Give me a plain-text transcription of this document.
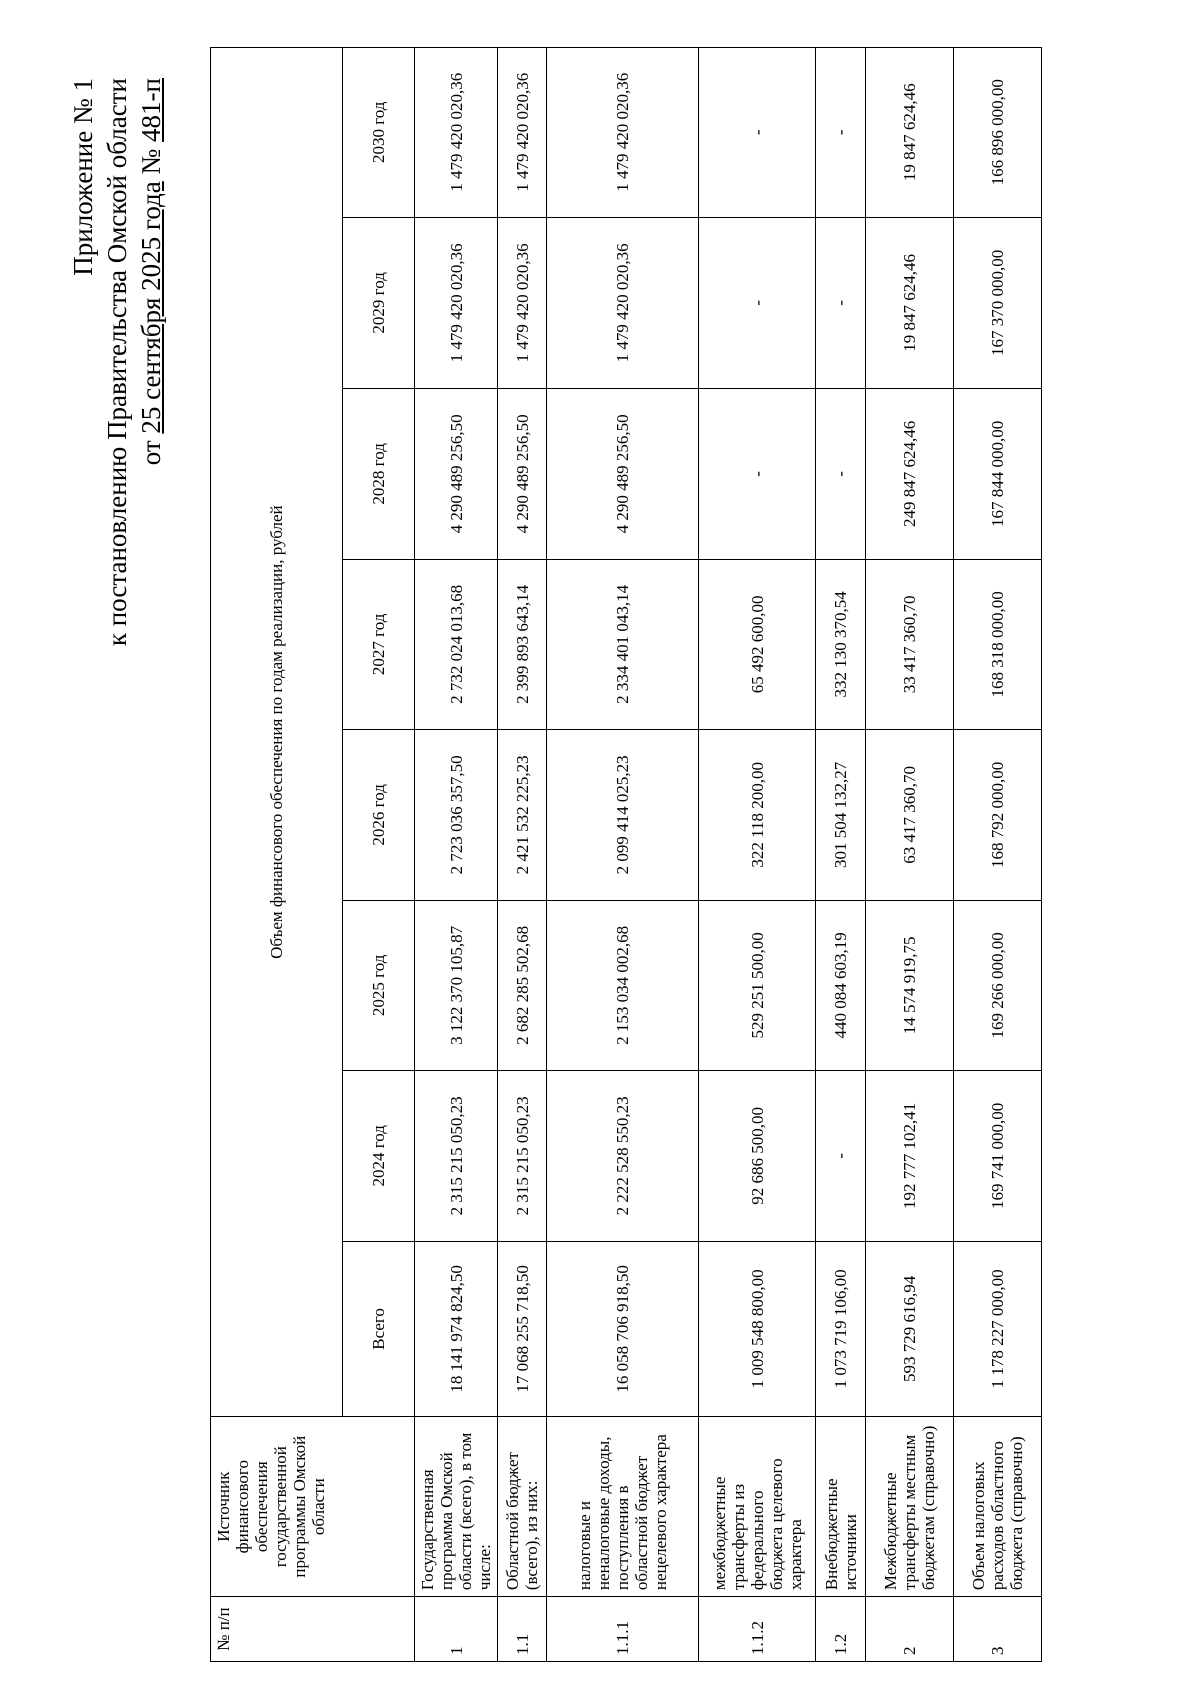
Приложение № 1 к постановлению Правительства Омской области от 25 сентября 2025 года № 481-п
№ п/п	Источник финансового обеспечения государственной программы Омской области	Объем финансового обеспечения по годам реализации, рублей							
		Всего	2024 год	2025 год	2026 год	2027 год	2028 год	2029 год	2030 год
1	Государственная программа Омской области (всего), в том числе:	18 141 974 824,50	2 315 215 050,23	3 122 370 105,87	2 723 036 357,50	2 732 024 013,68	4 290 489 256,50	1 479 420 020,36	1 479 420 020,36
1.1	Областной бюджет (всего), из них:	17 068 255 718,50	2 315 215 050,23	2 682 285 502,68	2 421 532 225,23	2 399 893 643,14	4 290 489 256,50	1 479 420 020,36	1 479 420 020,36
1.1.1	налоговые и неналоговые доходы, поступления в областной бюджет нецелевого характера	16 058 706 918,50	2 222 528 550,23	2 153 034 002,68	2 099 414 025,23	2 334 401 043,14	4 290 489 256,50	1 479 420 020,36	1 479 420 020,36
1.1.2	межбюджетные трансферты из федерального бюджета целевого характера	1 009 548 800,00	92 686 500,00	529 251 500,00	322 118 200,00	65 492 600,00	-	-	-
1.2	Внебюджетные источники	1 073 719 106,00	-	440 084 603,19	301 504 132,27	332 130 370,54	-	-	-
2	Межбюджетные трансферты местным бюджетам (справочно)	593 729 616,94	192 777 102,41	14 574 919,75	63 417 360,70	33 417 360,70	249 847 624,46	19 847 624,46	19 847 624,46
3	Объем налоговых расходов областного бюджета (справочно)	1 178 227 000,00	169 741 000,00	169 266 000,00	168 792 000,00	168 318 000,00	167 844 000,00	167 370 000,00	166 896 000,00
